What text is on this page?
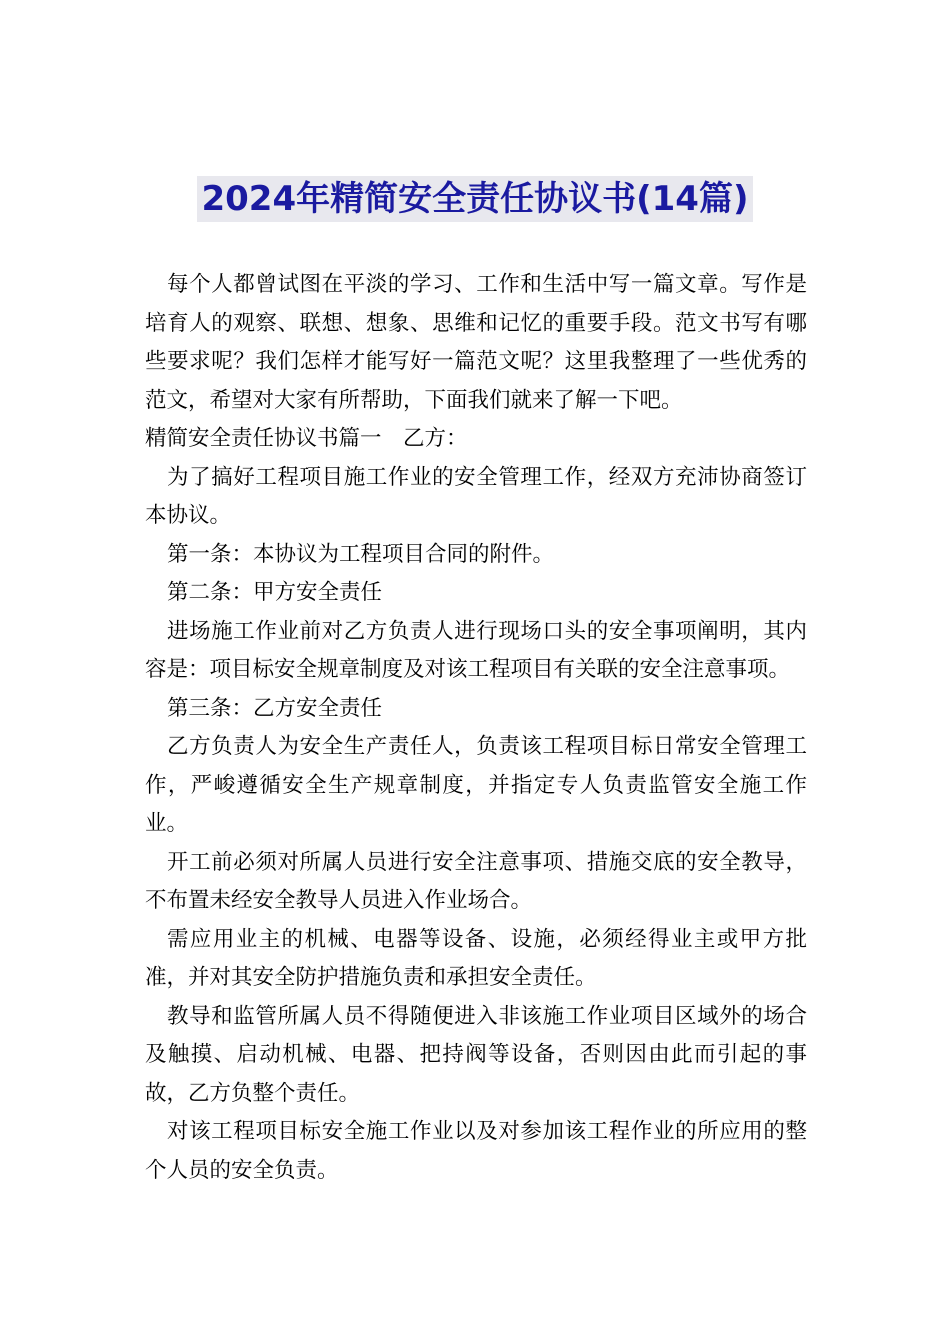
2024年精简安全责任协议书(14篇)

每个人都曾试图在平淡的学习、工作和生活中写一篇文章。写作是培育人的观察、联想、想象、思维和记忆的重要手段。范文书写有哪些要求呢？我们怎样才能写好一篇范文呢？这里我整理了一些优秀的范文，希望对大家有所帮助，下面我们就来了解一下吧。

精简安全责任协议书篇一　乙方：

为了搞好工程项目施工作业的安全管理工作，经双方充沛协商签订本协议。

第一条：本协议为工程项目合同的附件。

第二条：甲方安全责任

进场施工作业前对乙方负责人进行现场口头的安全事项阐明，其内容是：项目标安全规章制度及对该工程项目有关联的安全注意事项。

第三条：乙方安全责任

乙方负责人为安全生产责任人，负责该工程项目标日常安全管理工作，严峻遵循安全生产规章制度，并指定专人负责监管安全施工作业。

开工前必须对所属人员进行安全注意事项、措施交底的安全教导，不布置未经安全教导人员进入作业场合。

需应用业主的机械、电器等设备、设施，必须经得业主或甲方批准，并对其安全防护措施负责和承担安全责任。

教导和监管所属人员不得随便进入非该施工作业项目区域外的场合及触摸、启动机械、电器、把持阀等设备，否则因由此而引起的事故，乙方负整个责任。

对该工程项目标安全施工作业以及对参加该工程作业的所应用的整个人员的安全负责。
